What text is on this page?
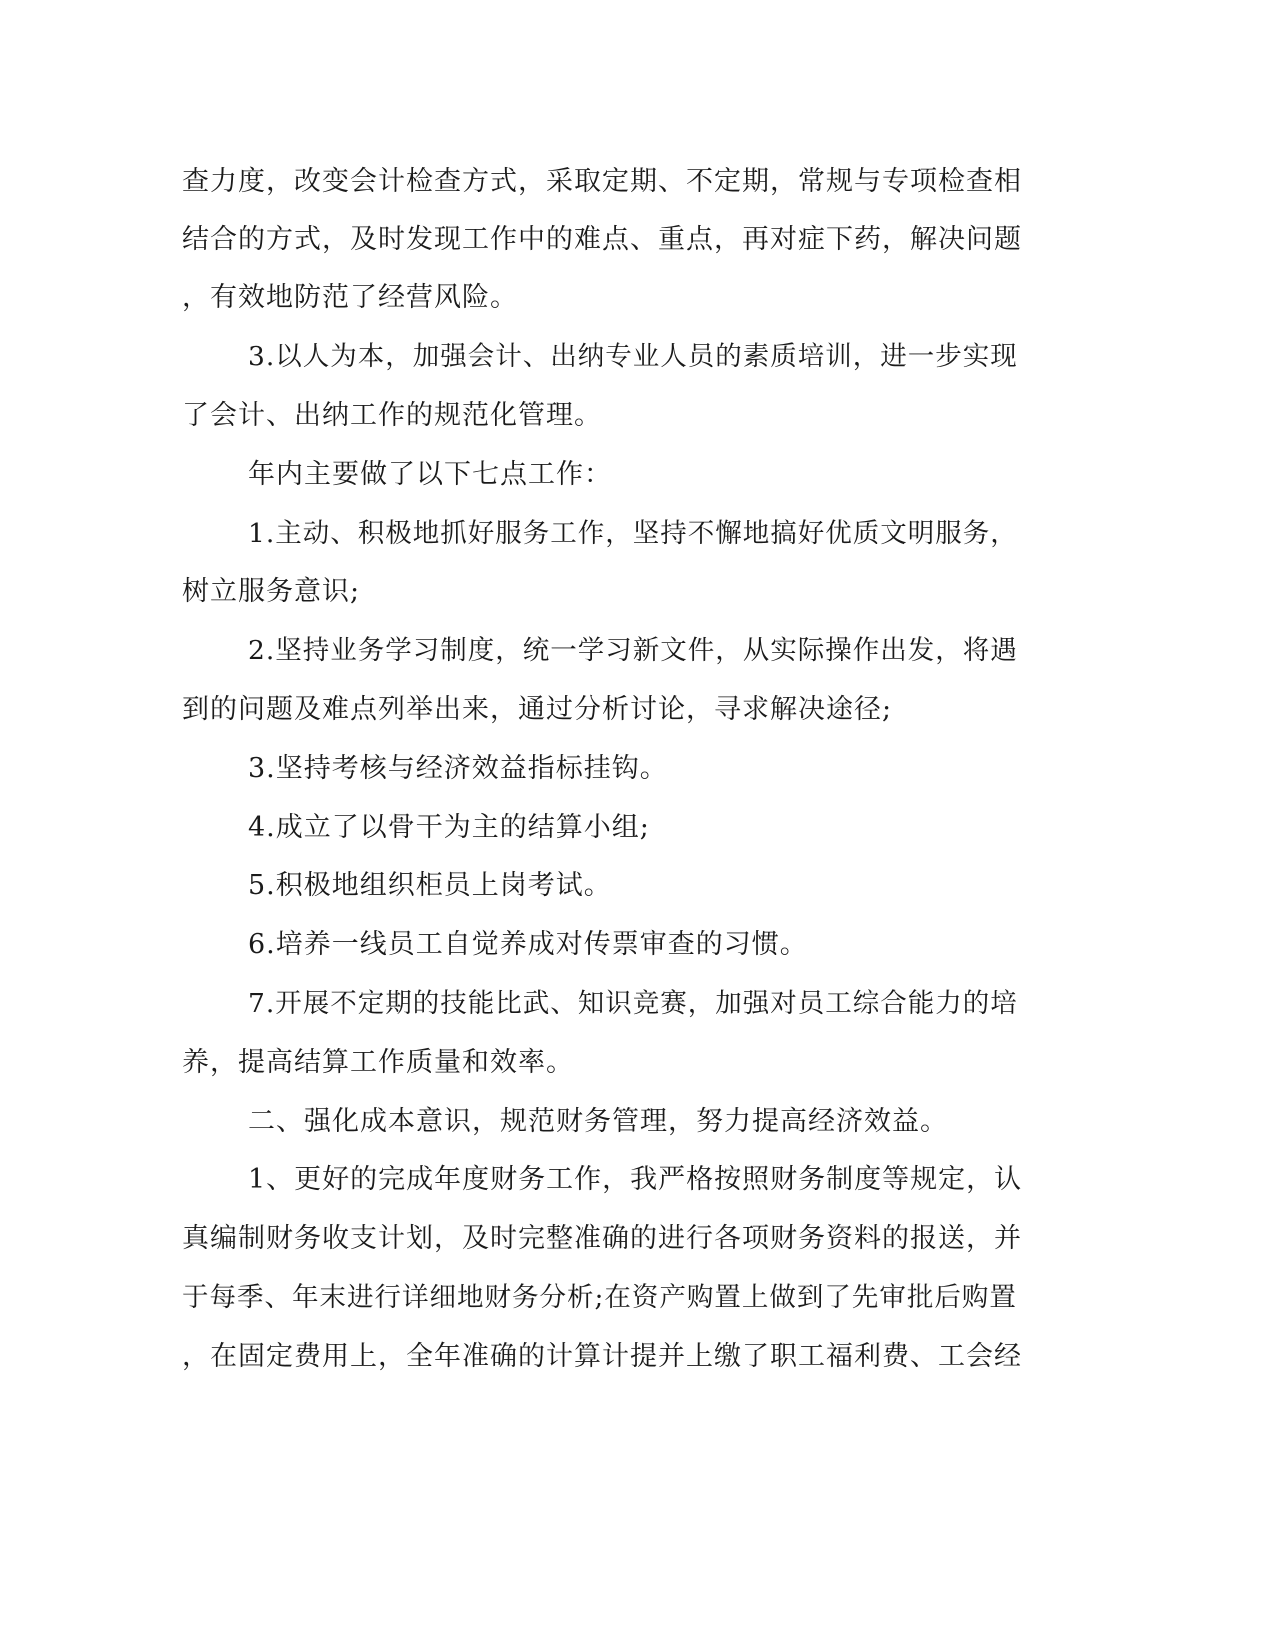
查力度，改变会计检查方式，采取定期、不定期，常规与专项检查相
结合的方式，及时发现工作中的难点、重点，再对症下药，解决问题
，有效地防范了经营风险。
3.以人为本，加强会计、出纳专业人员的素质培训，进一步实现
了会计、出纳工作的规范化管理。
年内主要做了以下七点工作：
1.主动、积极地抓好服务工作，坚持不懈地搞好优质文明服务，
树立服务意识;
2.坚持业务学习制度，统一学习新文件，从实际操作出发，将遇
到的问题及难点列举出来，通过分析讨论，寻求解决途径;
3.坚持考核与经济效益指标挂钩。
4.成立了以骨干为主的结算小组;
5.积极地组织柜员上岗考试。
6.培养一线员工自觉养成对传票审查的习惯。
7.开展不定期的技能比武、知识竞赛，加强对员工综合能力的培
养，提高结算工作质量和效率。
二、强化成本意识，规范财务管理，努力提高经济效益。
1、更好的完成年度财务工作，我严格按照财务制度等规定，认
真编制财务收支计划，及时完整准确的进行各项财务资料的报送，并
于每季、年末进行详细地财务分析;在资产购置上做到了先审批后购置
，在固定费用上，全年准确的计算计提并上缴了职工福利费、工会经
